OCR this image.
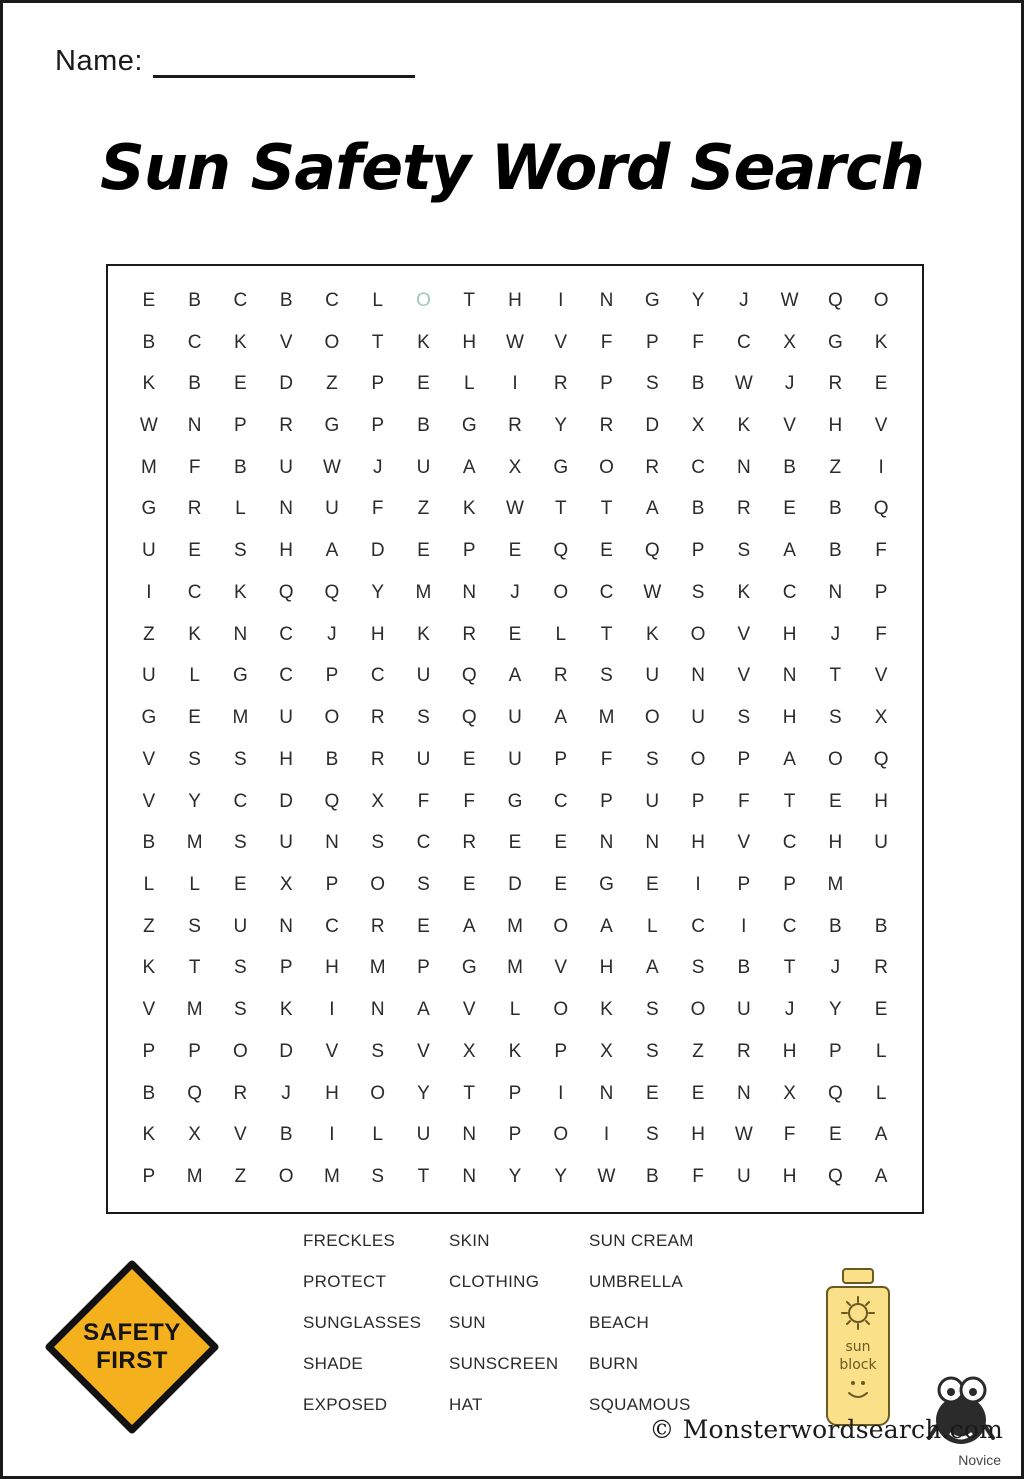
Name:
Sun Safety Word Search
E	B	C	B	C	L	O	T	H	I	N	G	Y	J	W	Q	O
B	C	K	V	O	T	K	H	W	V	F	P	F	C	X	G	K
K	B	E	D	Z	P	E	L	I	R	P	S	B	W	J	R	E
W	N	P	R	G	P	B	G	R	Y	R	D	X	K	V	H	V
M	F	B	U	W	J	U	A	X	G	O	R	C	N	B	Z	I
G	R	L	N	U	F	Z	K	W	T	T	A	B	R	E	B	Q
U	E	S	H	A	D	E	P	E	Q	E	Q	P	S	A	B	F
I	C	K	Q	Q	Y	M	N	J	O	C	W	S	K	C	N	P
Z	K	N	C	J	H	K	R	E	L	T	K	O	V	H	J	F
U	L	G	C	P	C	U	Q	A	R	S	U	N	V	N	T	V
G	E	M	U	O	R	S	Q	U	A	M	O	U	S	H	S	X
V	S	S	H	B	R	U	E	U	P	F	S	O	P	A	O	Q
V	Y	C	D	Q	X	F	F	G	C	P	U	P	F	T	E	H
B	M	S	U	N	S	C	R	E	E	N	N	H	V	C	H	U
L	L	E	X	P	O	S	E	D	E	G	E	I	P	P	M
Z	S	U	N	C	R	E	A	M	O	A	L	C	I	C	B	B
K	T	S	P	H	M	P	G	M	V	H	A	S	B	T	J	R
V	M	S	K	I	N	A	V	L	O	K	S	O	U	J	Y	E
P	P	O	D	V	S	V	X	K	P	X	S	Z	R	H	P	L
B	Q	R	J	H	O	Y	T	P	I	N	E	E	N	X	Q	L
K	X	V	B	I	L	U	N	P	O	I	S	H	W	F	E	A
P	M	Z	O	M	S	T	N	Y	Y	W	B	F	U	H	Q	A
FRECKLES	SKIN	SUN CREAM
PROTECT	CLOTHING	UMBRELLA
SUNGLASSES	SUN	BEACH
SHADE	SUNSCREEN	BURN
EXPOSED	HAT	SQUAMOUS
SAFETY
FIRST	sun
block
© Monsterwordsearch.com
Novice
